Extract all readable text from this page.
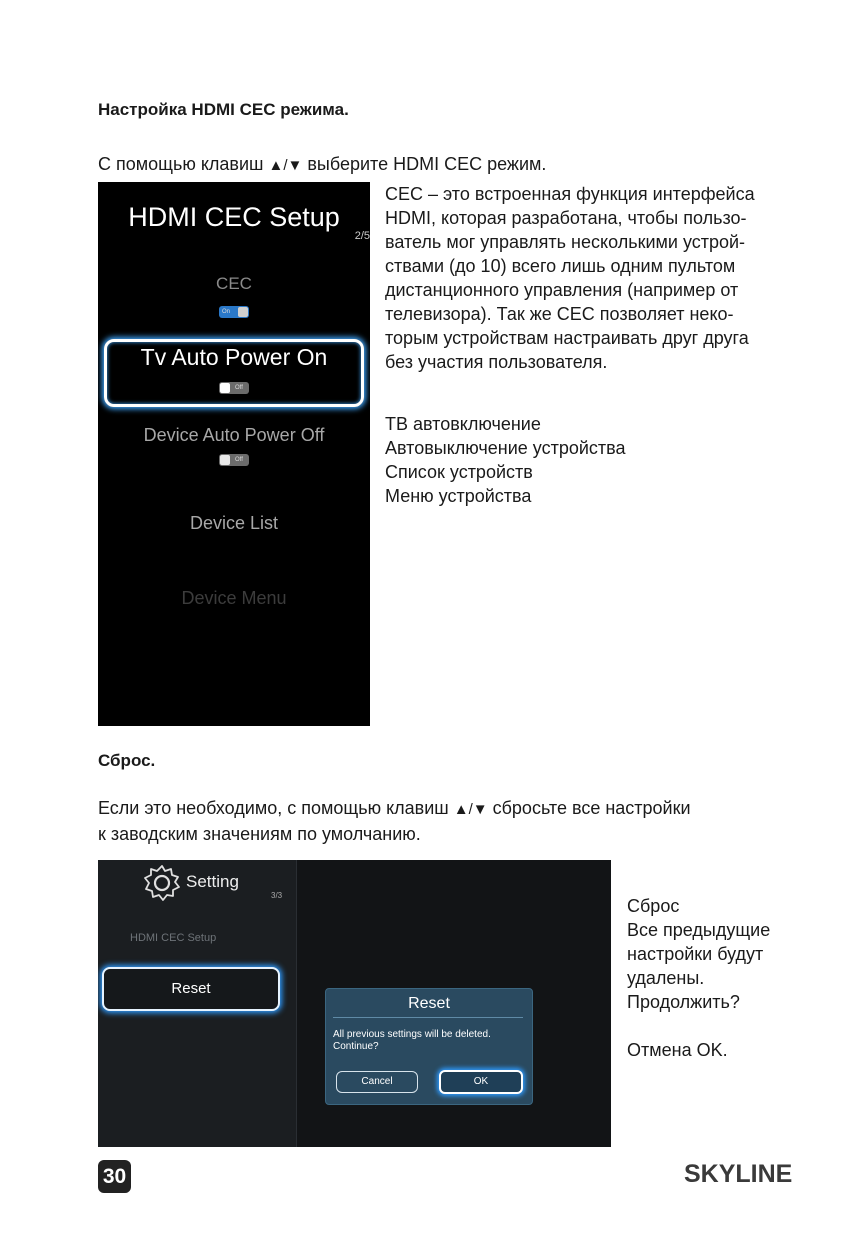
Настройка HDMI CEC режима.
С помощью клавиш ▲/▼ выберите HDMI CEC режим.
HDMI CEC Setup
2/5
CEC
On
Tv Auto Power On
Off
Device Auto Power Off
Off
Device List
Device Menu
CEC – это встроенная функция интерфейса
HDMI, которая разработана, чтобы пользо-
ватель мог управлять несколькими устрой-
ствами (до 10) всего лишь одним пультом
дистанционного управления (например от
телевизора). Так же CEC позволяет неко-
торым устройствам настраивать друг друга
без участия пользователя.
ТВ автовключение
Автовыключение устройства
Список устройств
Меню устройства
Сброс.
Если это необходимо, с помощью клавиш ▲/▼ сбросьте все настройки
к заводским значениям по умолчанию.
Setting
3/3
HDMI CEC Setup
Reset
Reset
All previous settings will be deleted.
Continue?
Cancel	OK
Сброс
Все предыдущие
настройки будут
удалены.
Продолжить?
Отмена OK.
30	SKYLINE
